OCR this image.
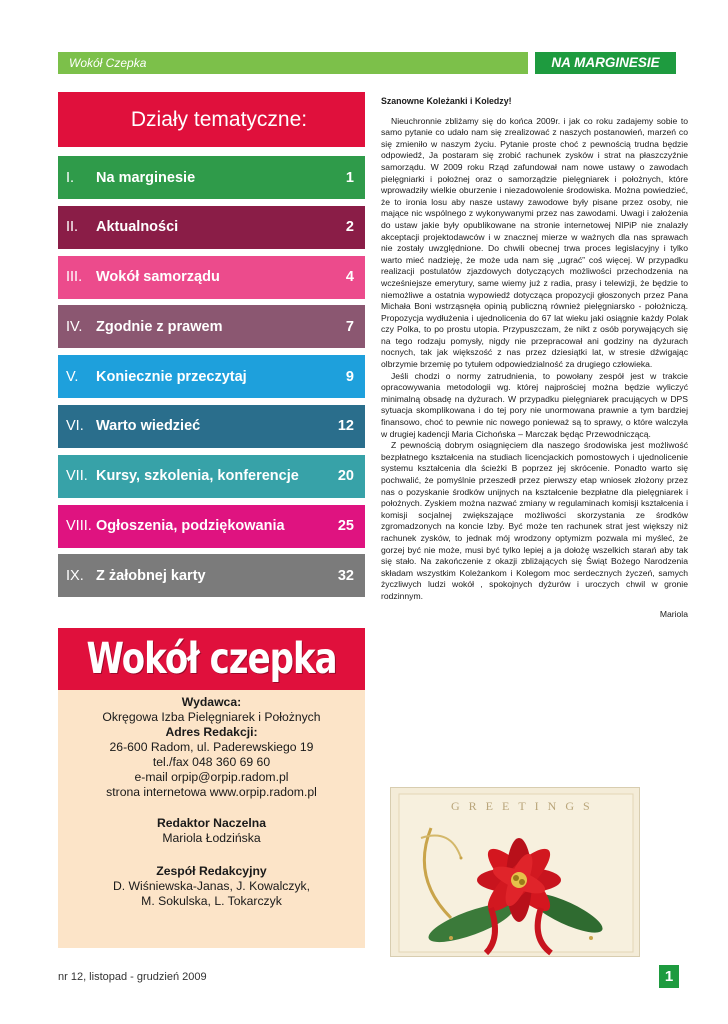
Wokół Czepka	NA MARGINESIE
Działy tematyczne:
I.	Na marginesie	1
II.	Aktualności	2
III. Wokół samorządu	4
IV. Zgodnie z prawem	7
V.	Koniecznie przeczytaj	9
VI. Warto wiedzieć	12
VII. Kursy, szkolenia, konferencje	20
VIII. Ogłoszenia, podziękowania	25
IX. Z żałobnej karty	32
Wokół czepka
Wydawca:
Okręgowa Izba Pielęgniarek i Położnych
Adres Redakcji:
26-600 Radom, ul. Paderewskiego 19
tel./fax 048 360 69 60
e-mail orpip@orpip.radom.pl
strona internetowa www.orpip.radom.pl
Redaktor Naczelna
Mariola Łodzińska
Zespół Redakcyjny
D. Wiśniewska-Janas, J. Kowalczyk,
M. Sokulska, L. Tokarczyk
Szanowne Koleżanki i Koledzy!

Nieuchronnie zbliżamy się do końca 2009r. i jak co roku zadajemy sobie to samo pytanie co udało nam się zrealizować z naszych postanowień, marzeń co się zmieniło w naszym życiu. Pytanie proste choć z pewnością trudna będzie odpowiedź, Ja postaram się zrobić rachunek zysków i strat na płaszczyźnie samorządu. W 2009 roku Rząd zafundował nam nowe ustawy o zawodach pielęgniarki i położnej oraz o samorządzie pielęgniarek i położnych, które wprowadziły wielkie oburzenie i niezadowolenie środowiska. Można powiedzieć, że to ironia losu aby nasze ustawy zawodowe były pisane przez osoby, nie mające nic wspólnego z wykonywanymi przez nas zawodami. Uwagi i założenia do ustaw jakie były opublikowane na stronie internetowej NIPiP nie znalazły akceptacji projektodawców i w znacznej mierze w ważnych dla nas sprawach nie zostały uwzględnione. Do chwili obecnej trwa proces legislacyjny i tylko warto mieć nadzieję, że może uda nam się „ugrać” coś więcej. W przypadku realizacji postulatów zjazdowych dotyczących możliwości przechodzenia na wcześniejsze emerytury, same wiemy już z radia, prasy i telewizji, że będzie to niemożliwe a ostatnia wypowiedź dotycząca propozycji głoszonych przez Pana Michała Boni wstrząsnęła opinią publiczną również pielęgniarsko - położniczą. Propozycja wydłużenia i ujednolicenia do 67 lat wieku jaki osiągnie każdy Polak czy Polka, to po prostu utopia. Przypuszczam, że nikt z osób porywających się na tego rodzaju pomysły, nigdy nie przepracował ani godziny na dyżurach nocnych, tak jak większość z nas przez dziesiątki lat, w stresie dźwigając olbrzymie brzemię po tytułem odpowiedzialność za drugiego człowieka.

Jeśli chodzi o normy zatrudnienia, to powołany zespół jest w trakcie opracowywania metodologii wg. której najprościej można będzie wyliczyć minimalną obsadę na dyżurach. W przypadku pielęgniarek pracujących w DPS sytuacja skomplikowana i do tej pory nie unormowana prawnie a tym bardziej finansowo, choć to pewnie nic nowego ponieważ są to sprawy, o które walczyła w drugiej kadencji Maria Cichońska – Marczak będąc Przewodniczącą.

Z pewnością dobrym osiągnięciem dla naszego środowiska jest możliwość bezpłatnego kształcenia na studiach licencjackich pomostowych i ujednolicenie systemu kształcenia dla ścieżki B poprzez jej skrócenie. Ponadto warto się pochwalić, że pomyślnie przeszedł przez pierwszy etap wniosek złożony przez nas o pozyskanie środków unijnych na kształcenie bezpłatne dla pielęgniarek i położnych. Zyskiem można nazwać zmiany w regulaminach komisji kształcenia i komisji socjalnej zwiększające możliwości skorzystania ze środków zgromadzonych na koncie Izby. Być może ten rachunek strat jest większy niż rachunek zysków, to jednak mój wrodzony optymizm pozwala mi myśleć, że gorzej być nie może, musi być tylko lepiej a ja dołożę wszelkich starań aby tak się stało. Na zakończenie z okazji zbliżających się Świąt Bożego Narodzenia składam wszystkim Koleżankom i Kolegom moc serdecznych życzeń, samych życzliwych ludzi wokół , spokojnych dyżurów i uroczych chwil w gronie rodzinnym.

Mariola

GREETINGS
nr 12, listopad - grudzień 2009	1
